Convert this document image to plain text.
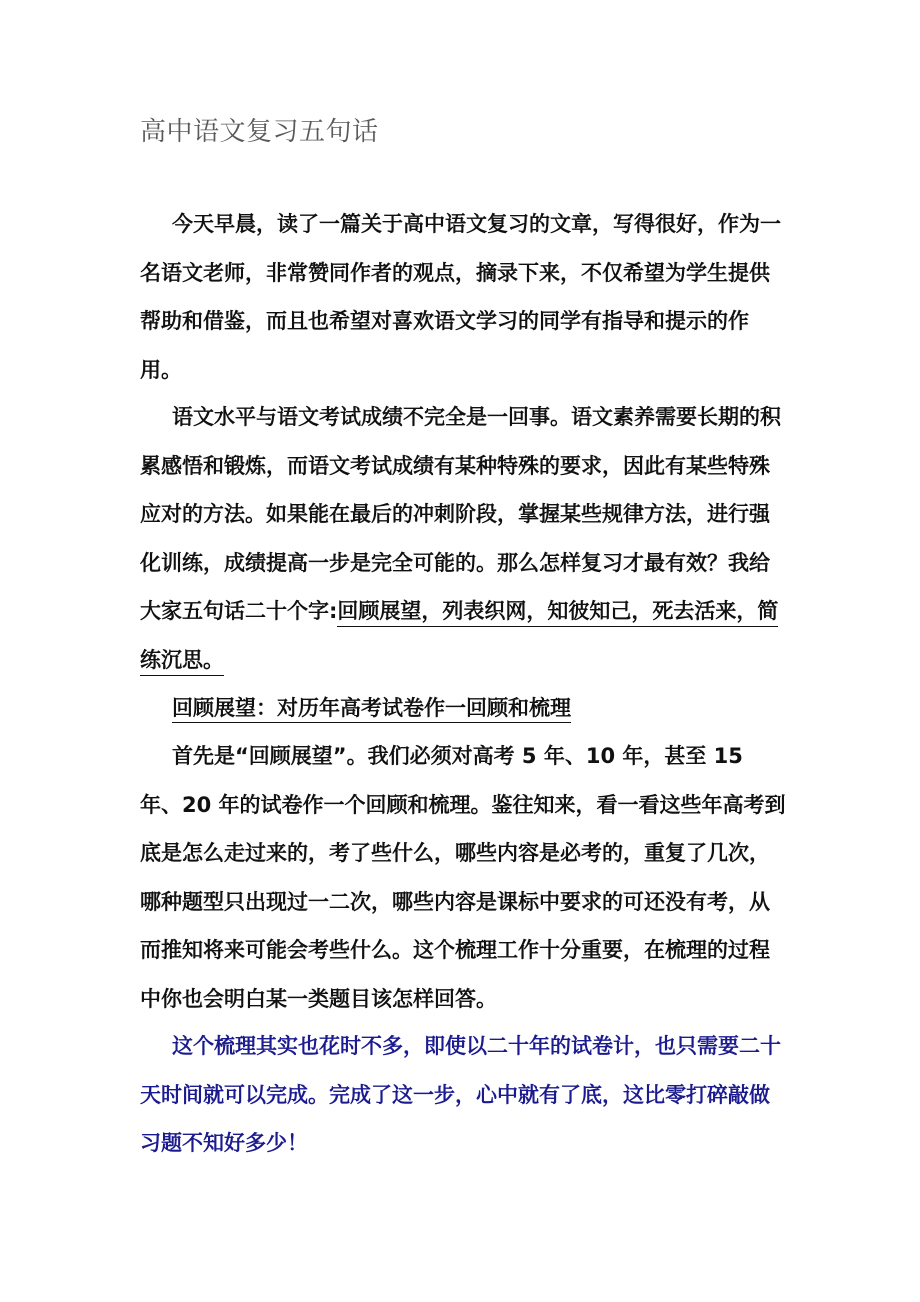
高中语文复习五句话

今天早晨，读了一篇关于高中语文复习的文章，写得很好，作为一名语文老师，非常赞同作者的观点，摘录下来，不仅希望为学生提供帮助和借鉴，而且也希望对喜欢语文学习的同学有指导和提示的作用。

语文水平与语文考试成绩不完全是一回事。语文素养需要长期的积累感悟和锻炼，而语文考试成绩有某种特殊的要求，因此有某些特殊应对的方法。如果能在最后的冲刺阶段，掌握某些规律方法，进行强化训练，成绩提高一步是完全可能的。那么怎样复习才最有效？我给大家五句话二十个字:回顾展望，列表织网，知彼知己，死去活来，简练沉思。

回顾展望：对历年高考试卷作一回顾和梳理

首先是“回顾展望”。我们必须对高考 5 年、10 年，甚至 15 年、20 年的试卷作一个回顾和梳理。鉴往知来，看一看这些年高考到底是怎么走过来的，考了些什么，哪些内容是必考的，重复了几次，哪种题型只出现过一二次，哪些内容是课标中要求的可还没有考，从而推知将来可能会考些什么。这个梳理工作十分重要，在梳理的过程中你也会明白某一类题目该怎样回答。

这个梳理其实也花时不多，即使以二十年的试卷计，也只需要二十天时间就可以完成。完成了这一步，心中就有了底，这比零打碎敲做习题不知好多少！
